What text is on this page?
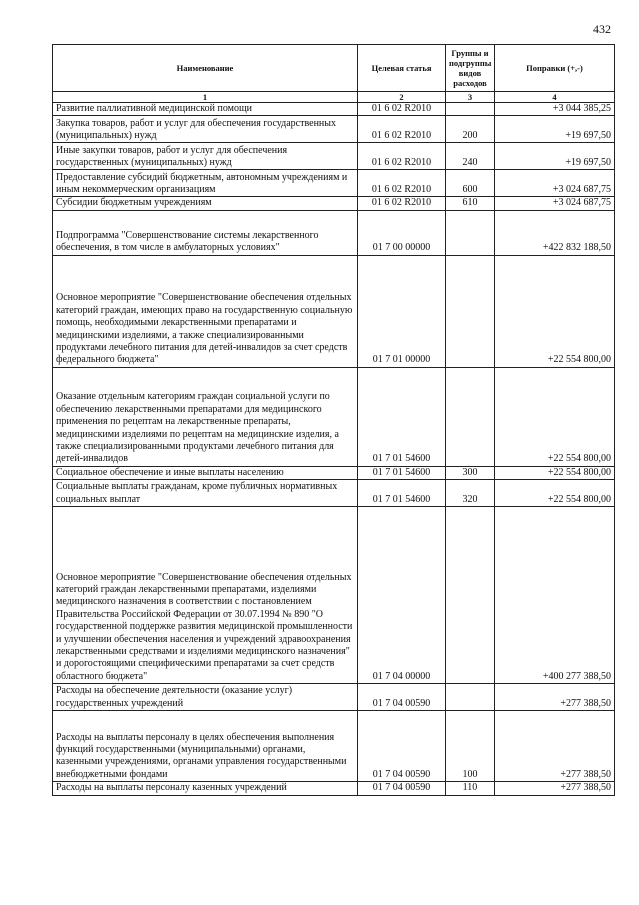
432
Наименование	Целевая статья	Группы и подгруппы видов расходов	Поправки (+,-)
1	2	3	4
Развитие паллиативной медицинской помощи	01 6 02 R2010		+3 044 385,25
Закупка товаров, работ и услуг для обеспечения государственных (муниципальных) нужд	01 6 02 R2010	200	+19 697,50
Иные закупки товаров, работ и услуг для обеспечения государственных (муниципальных) нужд	01 6 02 R2010	240	+19 697,50
Предоставление субсидий бюджетным, автономным учреждениям и иным некоммерческим организациям	01 6 02 R2010	600	+3 024 687,75
Субсидии бюджетным учреждениям	01 6 02 R2010	610	+3 024 687,75
Подпрограмма "Совершенствование системы лекарственного обеспечения, в том числе в амбулаторных условиях"	01 7 00 00000		+422 832 188,50
Основное мероприятие "Совершенствование обеспечения отдельных категорий граждан, имеющих право на государственную социальную помощь, необходимыми лекарственными препаратами и медицинскими изделиями, а также специализированными продуктами лечебного питания для детей-инвалидов за счет средств федерального бюджета"	01 7 01 00000		+22 554 800,00
Оказание отдельным категориям граждан социальной услуги по обеспечению лекарственными препаратами для медицинского применения по рецептам на лекарственные препараты, медицинскими изделиями по рецептам на медицинские изделия, а также специализированными продуктами лечебного питания для детей-инвалидов	01 7 01 54600		+22 554 800,00
Социальное обеспечение и иные выплаты населению	01 7 01 54600	300	+22 554 800,00
Социальные выплаты гражданам, кроме публичных нормативных социальных выплат	01 7 01 54600	320	+22 554 800,00
Основное мероприятие "Совершенствование обеспечения отдельных категорий граждан лекарственными препаратами, изделиями медицинского назначения в соответствии с постановлением Правительства Российской Федерации от 30.07.1994 № 890 "О государственной поддержке развития медицинской промышленности и улучшении обеспечения населения и учреждений здравоохранения лекарственными средствами и изделиями медицинского назначения" и дорогостоящими специфическими препаратами за счет средств областного бюджета"	01 7 04 00000		+400 277 388,50
Расходы на обеспечение деятельности (оказание услуг) государственных учреждений	01 7 04 00590		+277 388,50
Расходы на выплаты персоналу в целях обеспечения выполнения функций государственными (муниципальными) органами, казенными учреждениями, органами управления государственными внебюджетными фондами	01 7 04 00590	100	+277 388,50
Расходы на выплаты персоналу казенных учреждений	01 7 04 00590	110	+277 388,50
